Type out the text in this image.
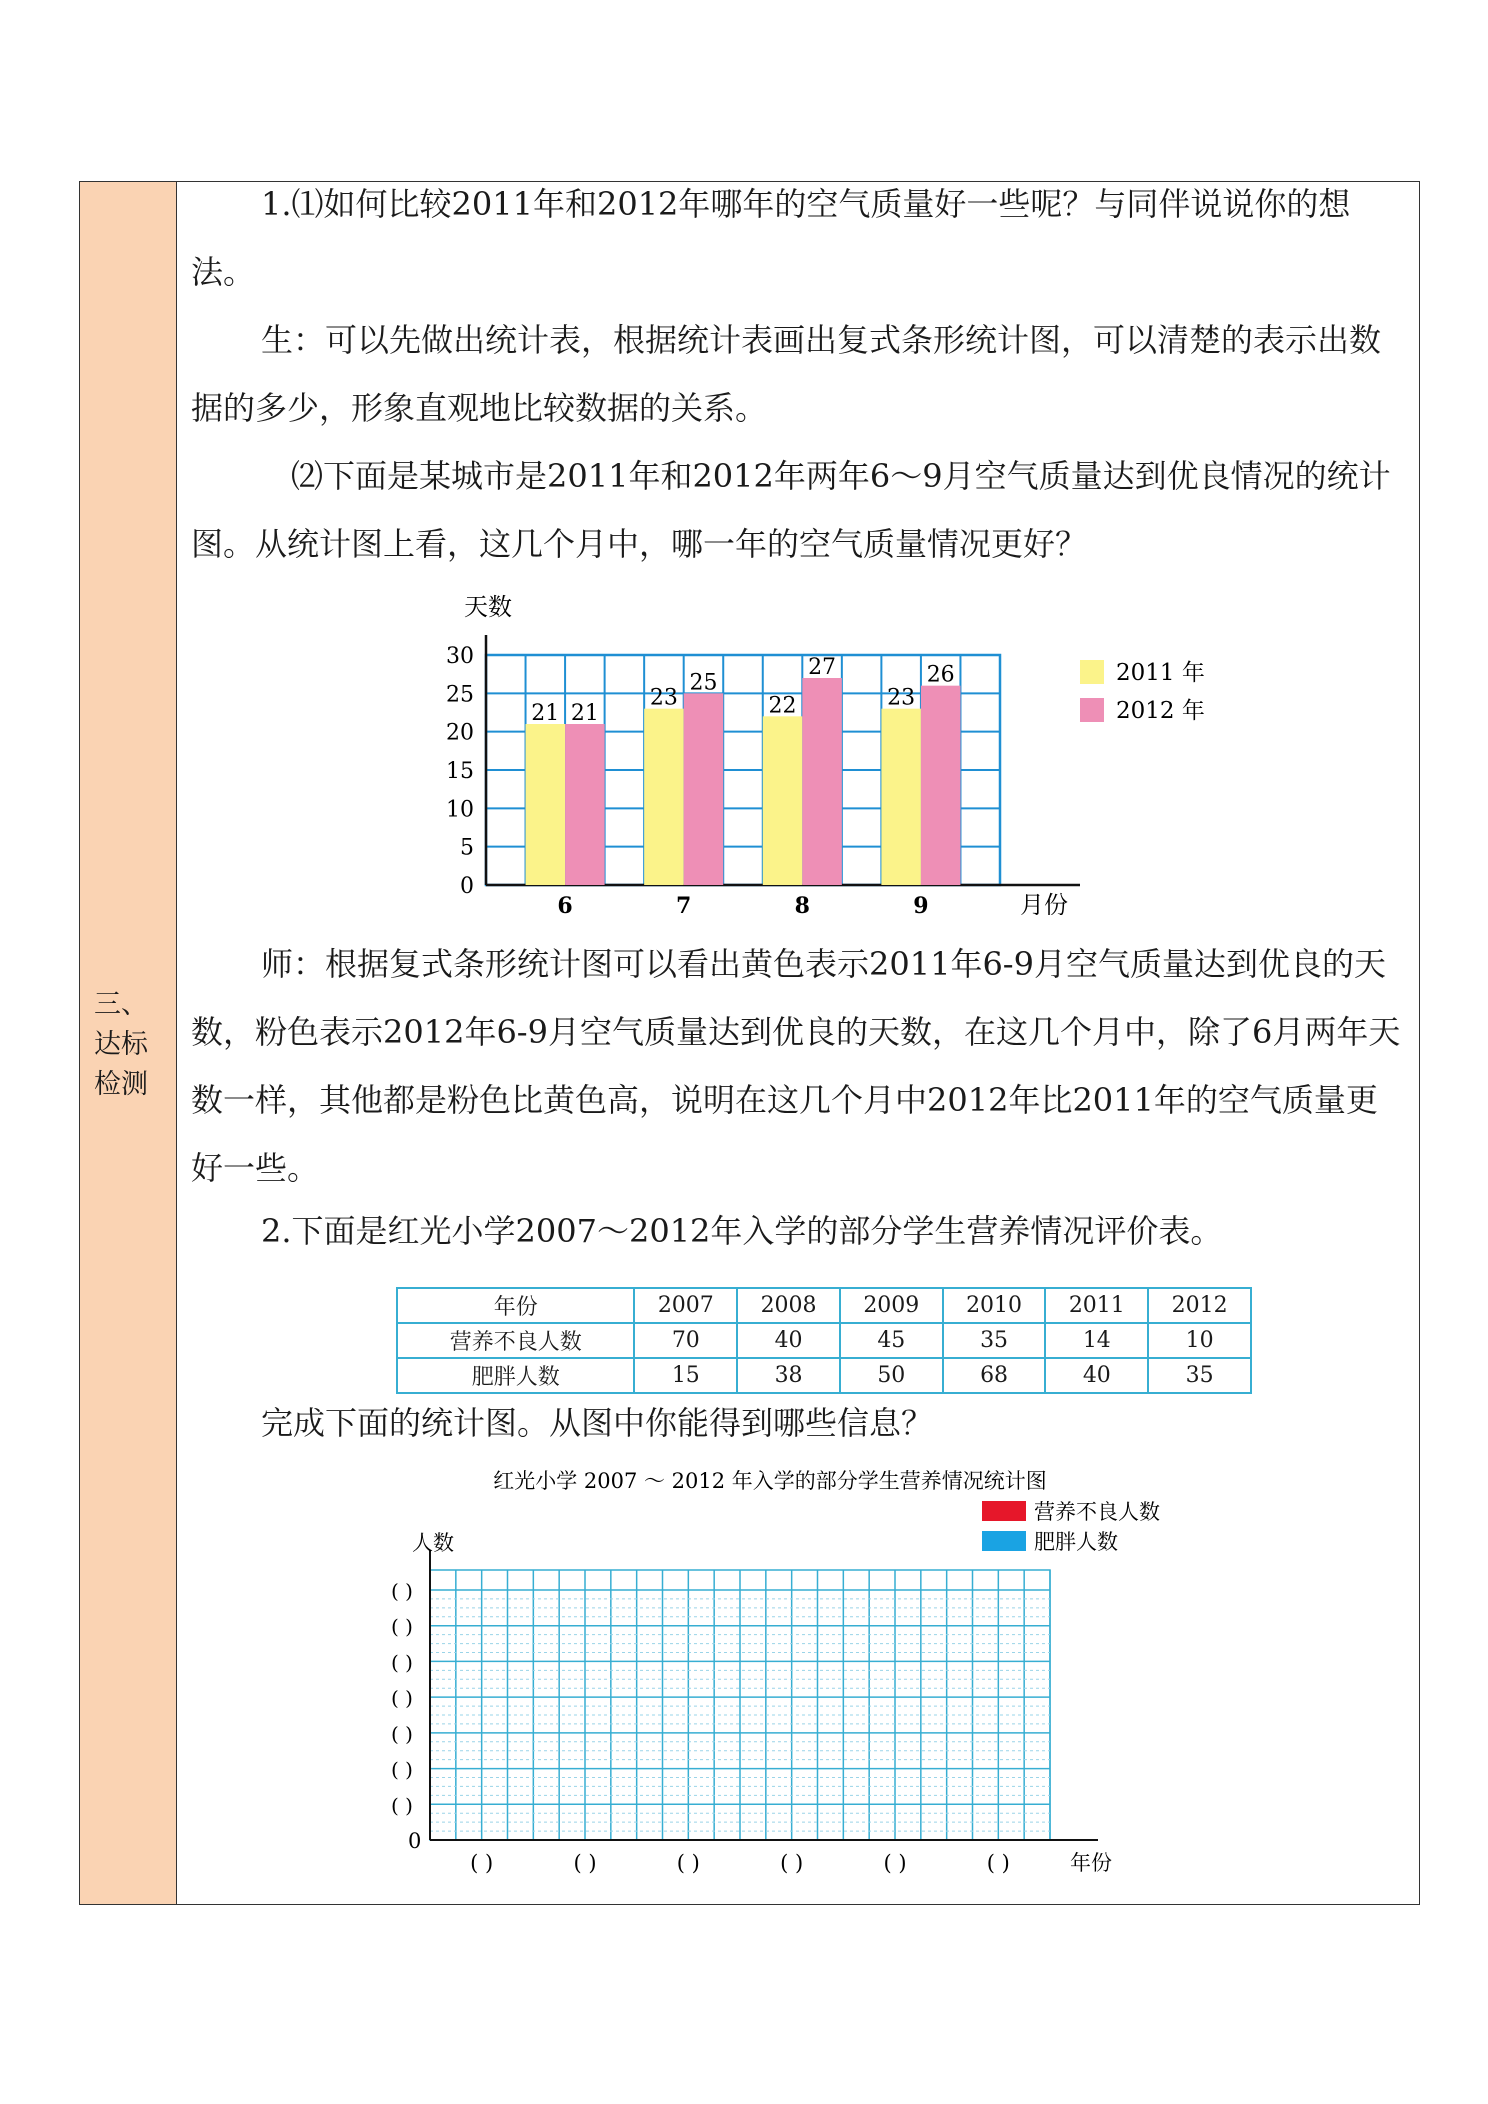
三、
达标
检测

1.⑴如何比较2011年和2012年哪年的空气质量好一些呢？与同伴说说你的想法。

生：可以先做出统计表，根据统计表画出复式条形统计图，可以清楚的表示出数据的多少，形象直观地比较数据的关系。

⑵下面是某城市是2011年和2012年两年6～9月空气质量达到优良情况的统计图。从统计图上看，这几个月中，哪一年的空气质量情况更好？

0
5
10
15
20
25
30
天数
月份
21 21
6
23
25
7
22
27
8
23
26
9
2011 年
2012 年

师：根据复式条形统计图可以看出黄色表示2011年6-9月空气质量达到优良的天数，粉色表示2012年6-9月空气质量达到优良的天数，在这几个月中，除了6月两年天数一样，其他都是粉色比黄色高，说明在这几个月中2012年比2011年的空气质量更好一些。

2.下面是红光小学2007～2012年入学的部分学生营养情况评价表。

年份	2007	2008	2009	2010	2011	2012
营养不良人数	70	40	45	35	14	10
肥胖人数	15	38	50	68	40	35

完成下面的统计图。从图中你能得到哪些信息？

红光小学 2007 ～ 2012 年入学的部分学生营养情况统计图
营养不良人数
肥胖人数
人数
0
( )
( )
( )
( )
( )
( )
( )
( )	( )	( )	( )	( )	( )	年份
